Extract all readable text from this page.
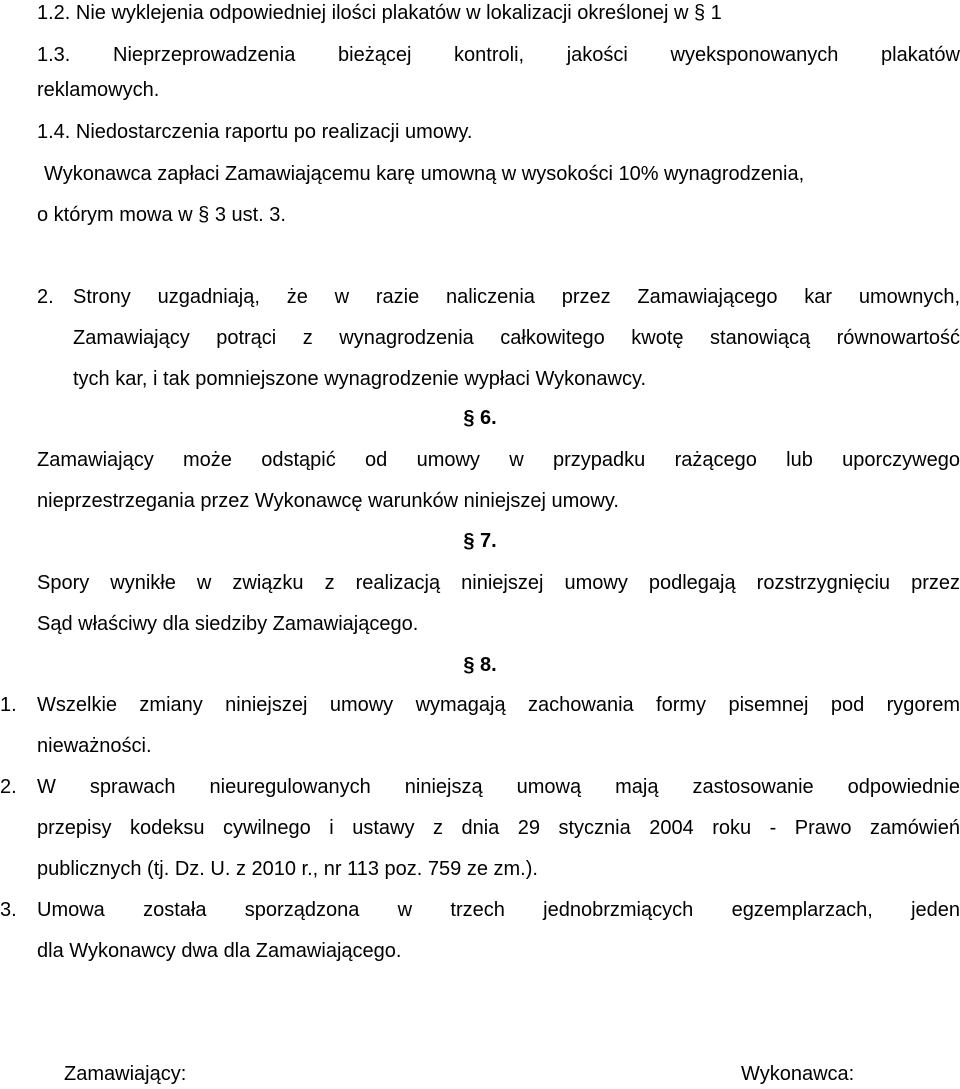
1.2. Nie wyklejenia odpowiedniej ilości plakatów w lokalizacji określonej w § 1
1.3. Nieprzeprowadzenia bieżącej kontroli, jakości wyeksponowanych plakatów
reklamowych.
1.4. Niedostarczenia raportu po realizacji umowy.
Wykonawca zapłaci Zamawiającemu karę umowną w wysokości 10% wynagrodzenia,
o którym mowa w § 3 ust. 3.
2. Strony uzgadniają, że w razie naliczenia przez Zamawiającego kar umownych,
Zamawiający potrąci z wynagrodzenia całkowitego kwotę stanowiącą równowartość
tych kar, i tak pomniejszone wynagrodzenie wypłaci Wykonawcy.
§ 6.
Zamawiający może odstąpić od umowy w przypadku rażącego lub uporczywego
nieprzestrzegania przez Wykonawcę warunków niniejszej umowy.
§ 7.
Spory wynikłe w związku z realizacją niniejszej umowy podlegają rozstrzygnięciu przez
Sąd właściwy dla siedziby Zamawiającego.
§ 8.
1. Wszelkie zmiany niniejszej umowy wymagają zachowania formy pisemnej pod rygorem
nieważności.
2. W sprawach nieuregulowanych niniejszą umową mają zastosowanie odpowiednie
przepisy kodeksu cywilnego i ustawy z dnia 29 stycznia 2004 roku - Prawo zamówień
publicznych (tj. Dz. U. z 2010 r., nr 113 poz. 759 ze zm.).
3. Umowa została sporządzona w trzech jednobrzmiących egzemplarzach, jeden
dla Wykonawcy dwa dla Zamawiającego.
Zamawiający:	Wykonawca:
